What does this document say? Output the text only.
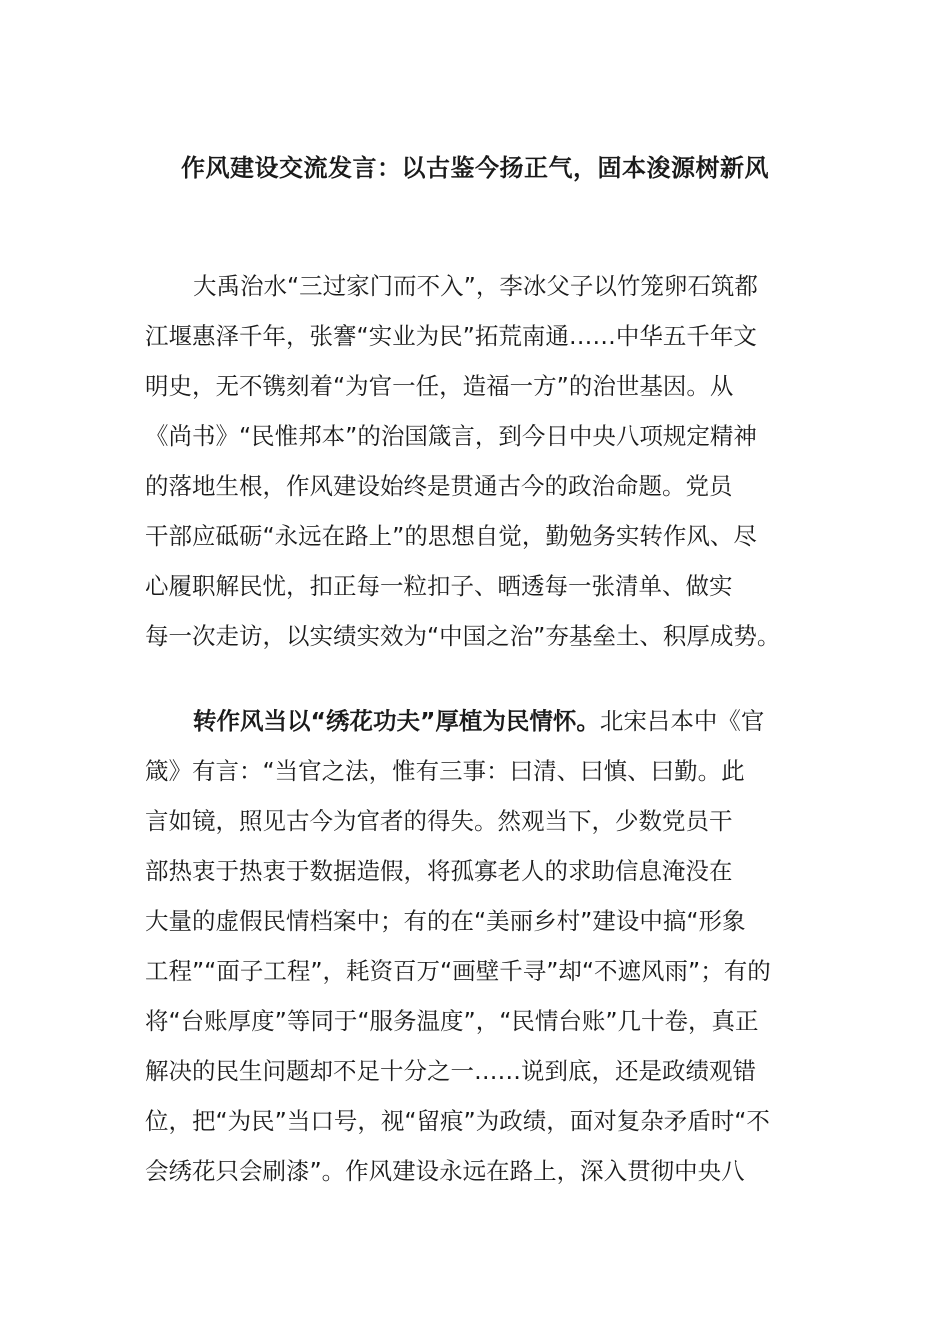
作风建设交流发言：以古鉴今扬正气，固本浚源树新风

大禹治水“三过家门而不入”，李冰父子以竹笼卵石筑都
江堰惠泽千年，张謇“实业为民”拓荒南通……中华五千年文
明史，无不镌刻着“为官一任，造福一方”的治世基因。从
《尚书》“民惟邦本”的治国箴言，到今日中央八项规定精神
的落地生根，作风建设始终是贯通古今的政治命题。党员
干部应砥砺“永远在路上”的思想自觉，勤勉务实转作风、尽
心履职解民忧，扣正每一粒扣子、晒透每一张清单、做实
每一次走访，以实绩实效为“中国之治”夯基垒土、积厚成势。

转作风当以“绣花功夫”厚植为民情怀。北宋吕本中《官
箴》有言：“当官之法，惟有三事：曰清、曰慎、曰勤。此
言如镜，照见古今为官者的得失。然观当下，少数党员干
部热衷于热衷于数据造假，将孤寡老人的求助信息淹没在
大量的虚假民情档案中；有的在“美丽乡村”建设中搞“形象
工程”“面子工程”，耗资百万“画壁千寻”却“不遮风雨”；有的
将“台账厚度”等同于“服务温度”，“民情台账”几十卷，真正
解决的民生问题却不足十分之一……说到底，还是政绩观错
位，把“为民”当口号，视“留痕”为政绩，面对复杂矛盾时“不
会绣花只会刷漆”。作风建设永远在路上，深入贯彻中央八
